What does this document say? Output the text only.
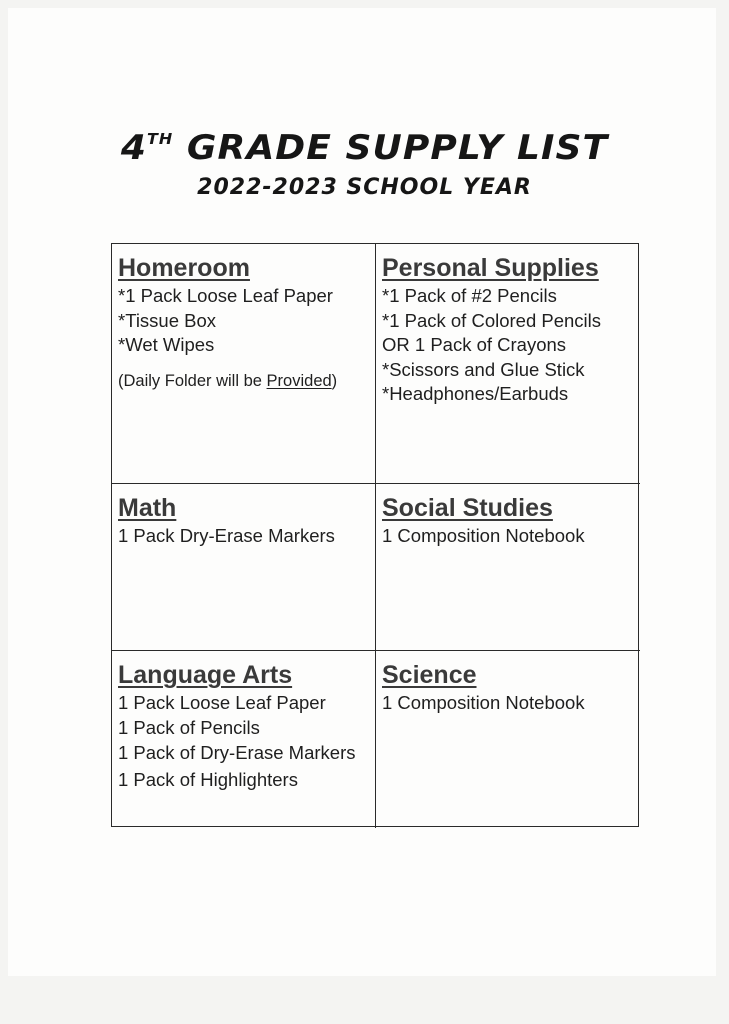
4TH GRADE SUPPLY LIST
2022-2023 SCHOOL YEAR
Homeroom
*1 Pack Loose Leaf Paper
*Tissue Box
*Wet Wipes
(Daily Folder will be Provided)
Personal Supplies
*1 Pack of #2 Pencils
*1 Pack of Colored Pencils
OR 1 Pack of Crayons
*Scissors and Glue Stick
*Headphones/Earbuds
Math
1 Pack Dry-Erase Markers
Social Studies
1 Composition Notebook
Language Arts
1 Pack Loose Leaf Paper
1 Pack of Pencils
1 Pack of Dry-Erase Markers
1 Pack of Highlighters
Science
1 Composition Notebook
